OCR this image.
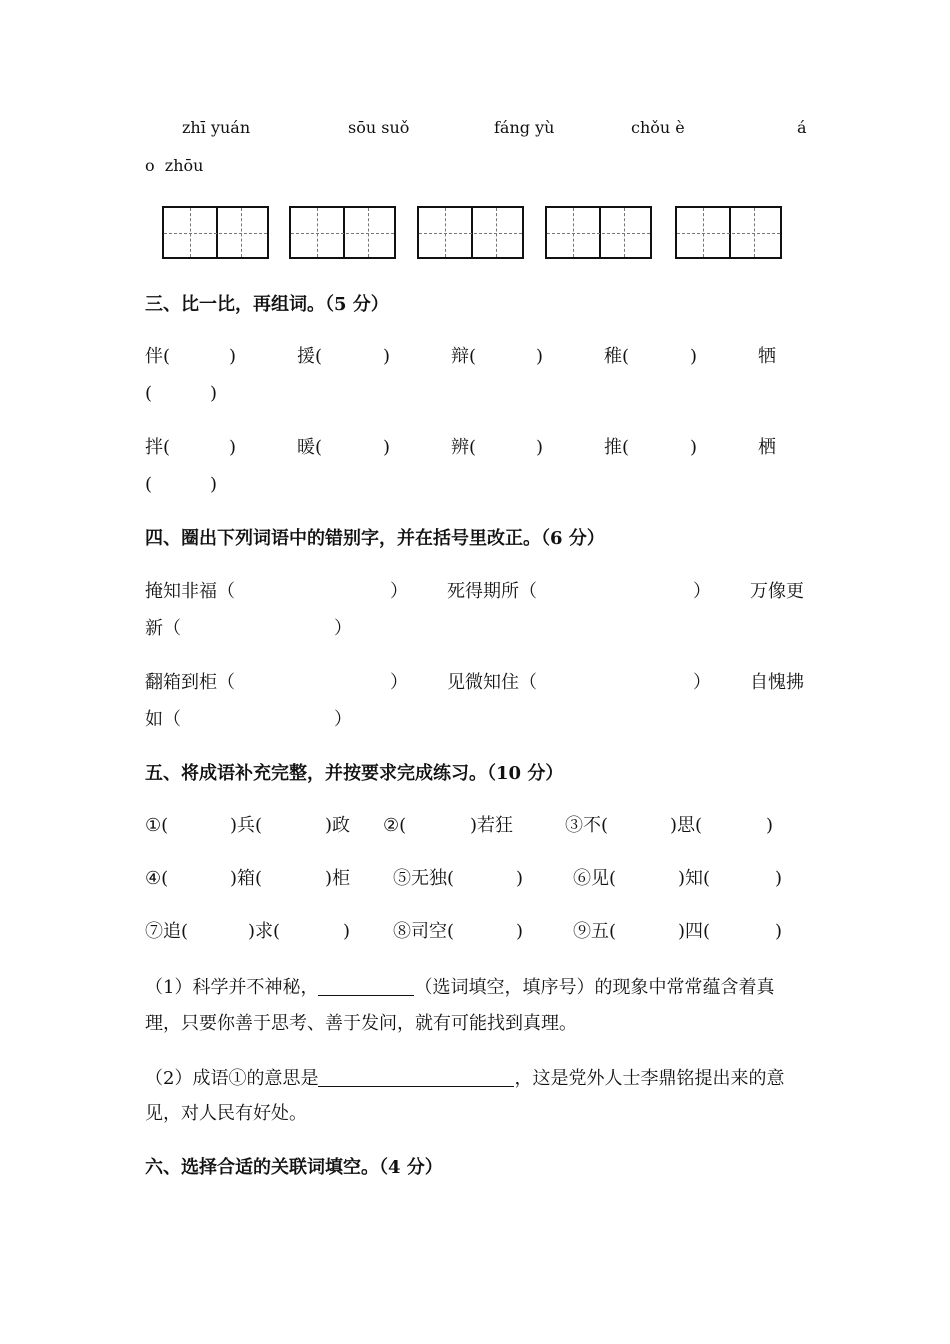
zhī yuán	sōu suǒ	fáng yù	chǒu è	á
o  zhōu
三、比一比，再组词。（5 分）
伴(	)	援(	)	辩(	)	稚(	)	牺
(	)
拌(	)	暖(	)	辨(	)	推(	)	栖
(	)
四、圈出下列词语中的错别字，并在括号里改正。（6 分）
掩知非福（	） 死得期所（	） 万像更
新（	）
翻箱到柜（	） 见微知住（	） 自愧拂
如（	）
五、将成语补充完整，并按要求完成练习。（10 分）
①(	)兵(	)政 ②(	)若狂	③不(	)思(	)
④(	)箱(	)柜 ⑤无独(	)	⑥见(	)知(	)
⑦追(	)求(	) ⑧司空(	)	⑨五(	)四(	)
（1）科学并不神秘，	（选词填空，填序号）的现象中常常蕴含着真
理，只要你善于思考、善于发问，就有可能找到真理。
（2）成语①的意思是	，这是党外人士李鼎铭提出来的意
见，对人民有好处。
六、选择合适的关联词填空。（4 分）
